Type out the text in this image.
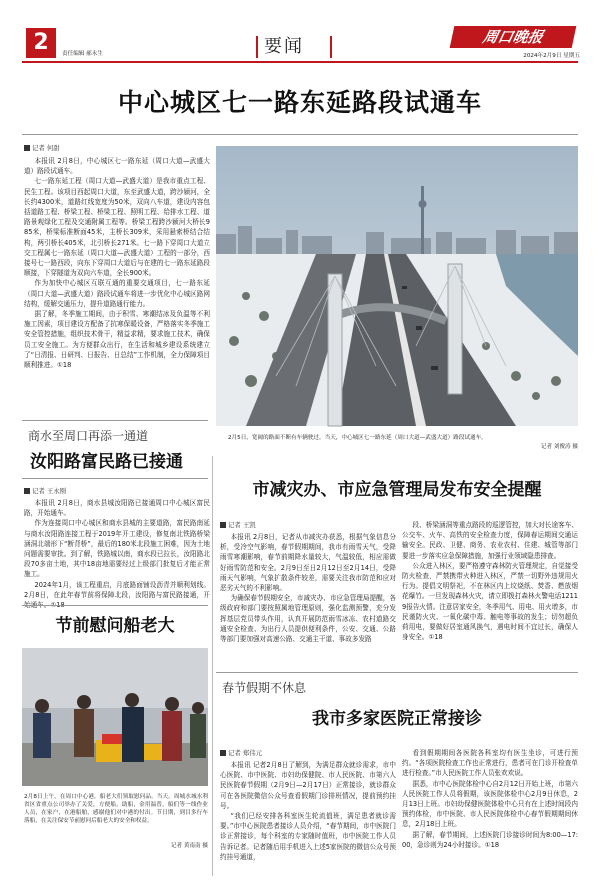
2	责任编辑 郝永生	要闻	周口晚报
2024年2月9日 星期五
中心城区七一路东延路段试通车
记者 何甜

本报讯 2月8日，中心城区七一路东延（周口大道—武盛大道）路段试通车。

七一路东延工程（周口大道—武盛大道）是我市重点工程、民生工程。该项目西起周口大道，东至武盛大道，跨沙颍河，全长约4300米，道路红线宽度为50米，双向八车道，建设内容包括道路工程、桥梁工程、桥梁工程、照明工程、给排水工程、道路景观绿化工程及交通附属工程等。桥梁工程跨沙颍河大桥长985米，桥梁标准断面45米，主桥长309米，采用悬索桥结合结构，两引桥长405米，北引桥长271米。七一路下穿周口大道立交工程属七一路东延（周口大道—武盛大道）工程的一部分，西接号七一路西段，向东下穿周口大道后与在建的七一路东延路段顺接，下穿隧道为双向六车道，全长900米。

作为加快中心城区互联互通的重要交通项目，七一路东延（周口大道—武盛大道）路段试通车将进一步优化中心城区路网结构，缓解交通压力，提升道路通行能力。

据了解，冬季施工期间，由于积雪、寒潮结冰及负温等不利施工因素，项目建设方配备了抗寒保暖设备，严格落实冬季施工安全管控措施，组织技术骨干，精益求精，要求施工技术，确保员工安全施工。为方便群众出行，在生活和城乡建设系统建立了“日清报、日研判、日报告、日总结”工作机制，全力保障项目顺利推进。①18

2月5日，宽阔的路面不断有车辆驶过。当天，中心城区七一路东延（周口大道—武盛大道）路段试通车。
记者 刘俊涛 摄
商水至周口再添一通道
汝阳路富民路已接通
记者 王永刚

本报讯 2月8日，商水县城汝阳路已接通周口中心城区富民路，开始通车。

作为连接周口中心城区和商水县城的主要道路，富民路南延与商水汝阳路连接工程于2019年开工建设，修复南北铁路桥梁涵洞北端形下“断背桥”，最后的180米北段施工困难，因为土地问题需要审批。到了解，铁路城以南，商水段已拉长，汝阳路北段70多亩土地，其中18亩地需要经过上级部门批复后才能正常施工。

2024年1月，该工程重启，月底路面铺设沥青并顺利划线。2月8日，在此年春节前将保障北段，汝阳路与富民路接通，开

节前慰问船老大
2月8日上午，在周口中心港，船老大们领取慰问品。当天，周城水城水利省区省重点公司举办了关爱，方便船，助船，金用温普，船们等一线作业人员，在家户，在港船舶，感谢他们对中港的付出。节日期，到目多行车落船，在关注保安节前慰问后船老大的安全和权益。
记者 黄南南 摄
市减灾办、市应急管理局发布安全提醒
记者 王凯

本报讯 2月8日，记者从市减灾办获悉，根据气象信息分析，受冷空气影响，春节假期期间，我市有雨雪天气，受降雨雪寒潮影响，春节前期降水量较大，气温较低，相应需做好雨雪防范和安全。2月9日至日2月12日至2月14日，受降雨天气影响，气象扩散条件较差，需要关注我市防范和应对恶劣天气的不利影响。

为确保春节假期安全，市减灾办、市应急管理局提醒，各级政府和部门要按照属地管理原则，强化监测预警，充分发挥基层党员带头作用，认真开展防范雨雪冰冻、农村道路交通安全检查、为出行人员提供便利条件，公安、交通、公路等部门要加强对高速公路、交通主干道、事故多发路

段、桥梁涵洞等重点路段的巡逻管控，加大对长途客车、公交车、火车、高铁的安全检查力度，保障春运期间交通运输安全。民政、卫健、商务、农业农村、住建、城管等部门要进一步落实应急保障措施，加强行业领域隐患排查。

公众进入林区，要严格遵守森林防火管理规定，自觉接受防火检查，严禁携带火种进入林区，严禁一切野外违规用火行为。提倡文明祭祀，不在林区内上坟烧纸、焚香、燃放烟花爆竹。一旦发现森林火灾，请立即拨打森林火警电话12119报告火情。注意居家安全，冬季用气、用电、用火增多，市民谨防火灾、一氧化碳中毒、触电等事故的发生；切勿超负荷用电，要做好居室通风换气，遇电时间不宜过长，确保人身安全。①18

春节假期不休息
我市多家医院正常接诊
记者 郑伟元

本报讯 记者2月8日了解到，为满足群众就诊需求，市中心医院、市中医院、市妇幼保健院、市人民医院、市第六人民医院春节假期（2月9日—2月17日）正常接诊，就诊群众可在各医院微信公众号查看假期门诊排班情况，提前预约挂号。

“我们已经安排各科室医生轮流值班，满足患者就诊需要。”市中心医院患者接诊人员介绍，“春节期间，市中医院门诊正常接诊，每个科室的专家随时值班，市中医院工作人员告诉记者。记者随后用手机进入上述5家医院的微信公众号预约挂号通道，

看到假期期间各医院各科室均有医生坐诊，可进行预约。“各项医院检查工作也正常进行，患者可在门诊开检查单进行检查。”市人民医院工作人员张欢欢说。

据悉，市中心医院体检中心自2月12日开始上班，市第六人民医院工作人员将假期，该医院体检中心2月9日休息，2月13日上班。市妇幼保健医院体检中心只有在上述时间段内预约体检，市中医院、市人民医院体检中心春节假期期间休息，2月18日上班。

据了解，春节期间，上述医院门诊接诊时间为8:00—17:00，急诊则为24小时接诊。①18
